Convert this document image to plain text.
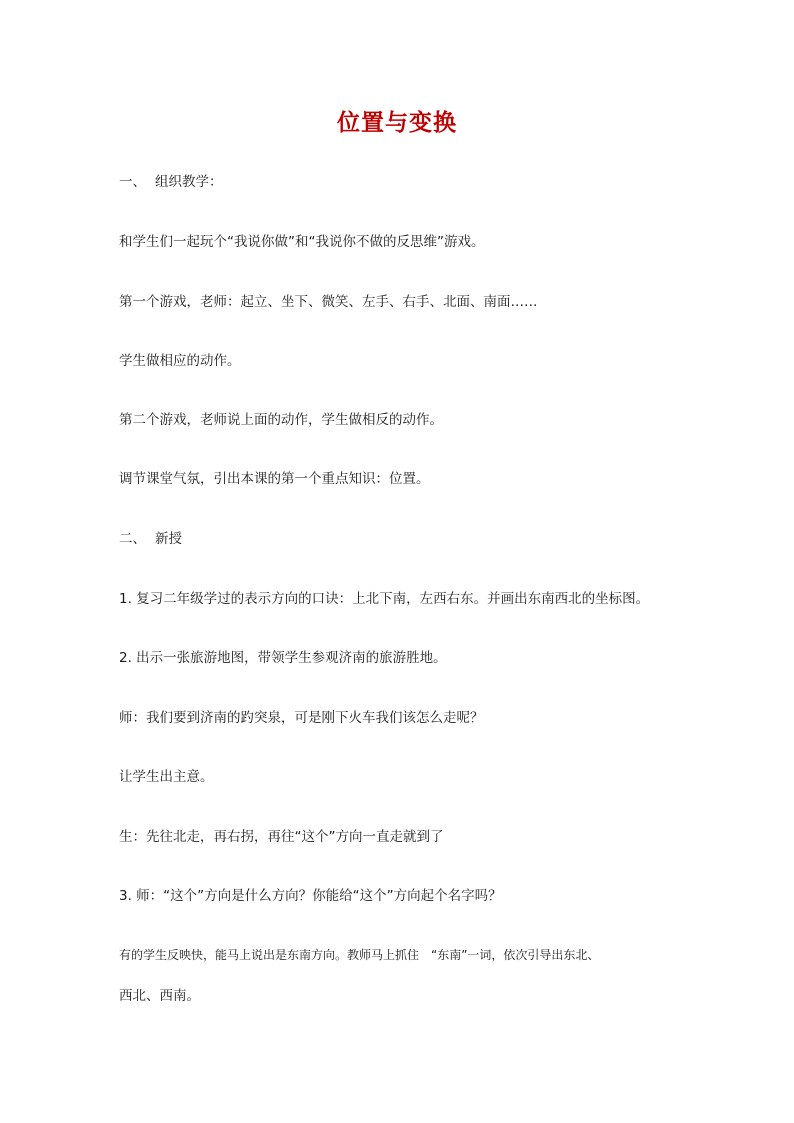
位置与变换
一、 组织教学：
和学生们一起玩个“我说你做”和“我说你不做的反思维”游戏。
第一个游戏，老师：起立、坐下、微笑、左手、右手、北面、南面……
学生做相应的动作。
第二个游戏，老师说上面的动作，学生做相反的动作。
调节课堂气氛，引出本课的第一个重点知识：位置。
二、 新授
1. 复习二年级学过的表示方向的口诀：上北下南，左西右东。并画出东南西北的坐标图。
2. 出示一张旅游地图，带领学生参观济南的旅游胜地。
师：我们要到济南的趵突泉，可是刚下火车我们该怎么走呢？
让学生出主意。
生：先往北走，再右拐，再往“这个”方向一直走就到了
3. 师：“这个”方向是什么方向？你能给“这个”方向起个名字吗？
有的学生反映快，能马上说出是东南方向。教师马上抓住　“东南”一词，依次引导出东北、
西北、西南。
